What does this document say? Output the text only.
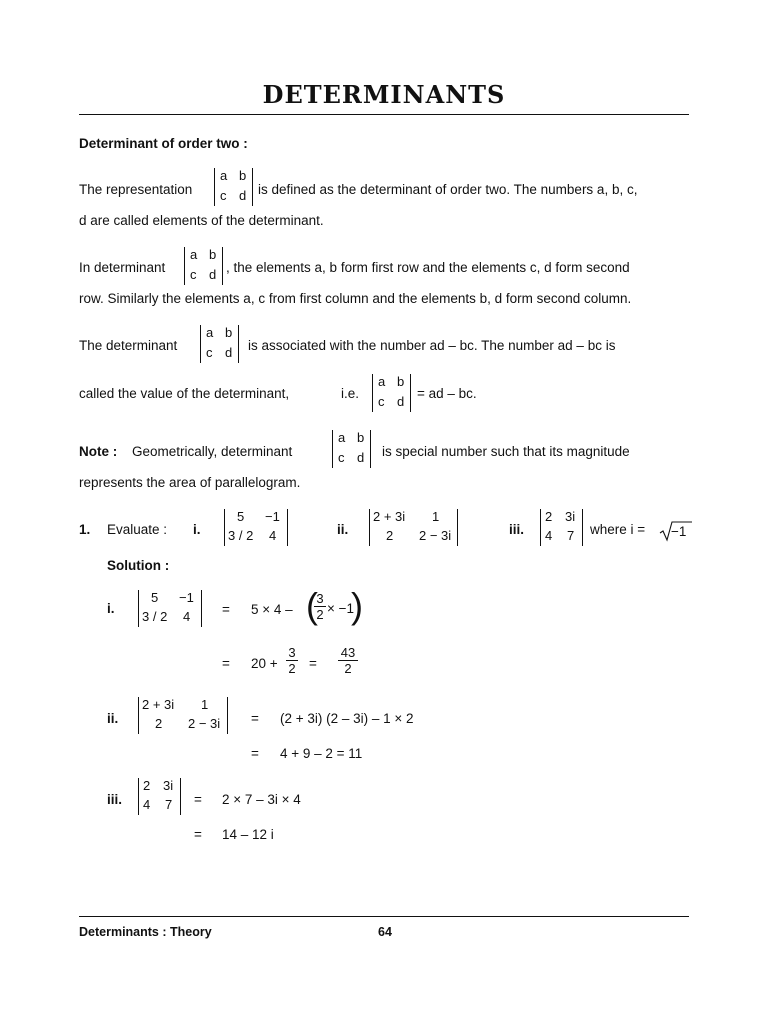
DETERMINANTS
Determinant of order two :
The representation
a b
c d is defined as the determinant of order two. The numbers a, b, c,
d are called elements of the determinant.
In determinant
a b
c d , the elements a, b form first row and the elements c, d form second
row. Similarly the elements a, c from first column and the elements b, d form second column.
The determinant
a b
c d is associated with the number ad – bc. The number ad – bc is
called the value of the determinant,	i.e.
a b
c d
= ad – bc.
Note : Geometrically, determinant
a b
c d is special number such that its magnitude
represents the area of parallelogram.
1. Evaluate : i.
5 −1
3 / 2 4	ii.
2 + 3i 1
2 2 − 3i	iii.
2 3i
4 7 where i = −1
Solution :
i.
5 −1
3 / 2 4 = 5 × 4 – (
$\frac{3}{2} \times -1$
)
= $20 + \frac{3}{2} = \frac{43}{2}$
ii.
2 + 3i 1
2 2 − 3i = (2 + 3i) (2 – 3i) – 1 × 2
= 4 + 9 – 2 = 11
iii.
2 3i
4 7 = 2 × 7 – 3i × 4
= 14 – 12 i
Determinants : Theory	64
